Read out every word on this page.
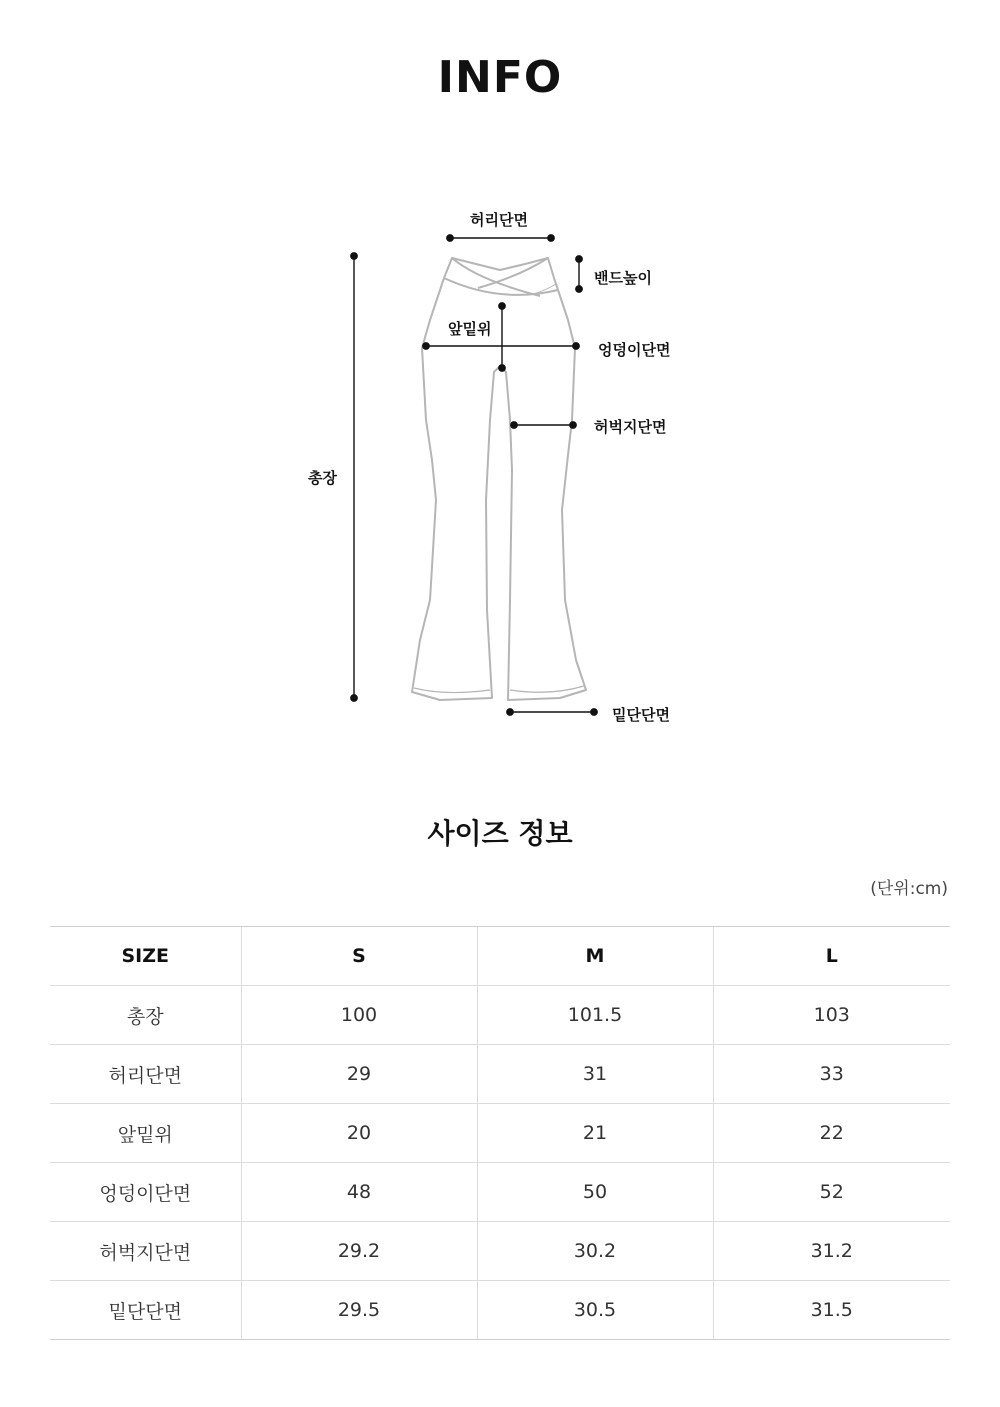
INFO
허리단면
밴드높이
앞밑위
엉덩이단면
허벅지단면
총장
밑단단면
사이즈 정보
(단위:cm)
SIZE	S	M	L
총장	100	101.5	103
허리단면	29	31	33
앞밑위	20	21	22
엉덩이단면	48	50	52
허벅지단면	29.2	30.2	31.2
밑단단면	29.5	30.5	31.5
